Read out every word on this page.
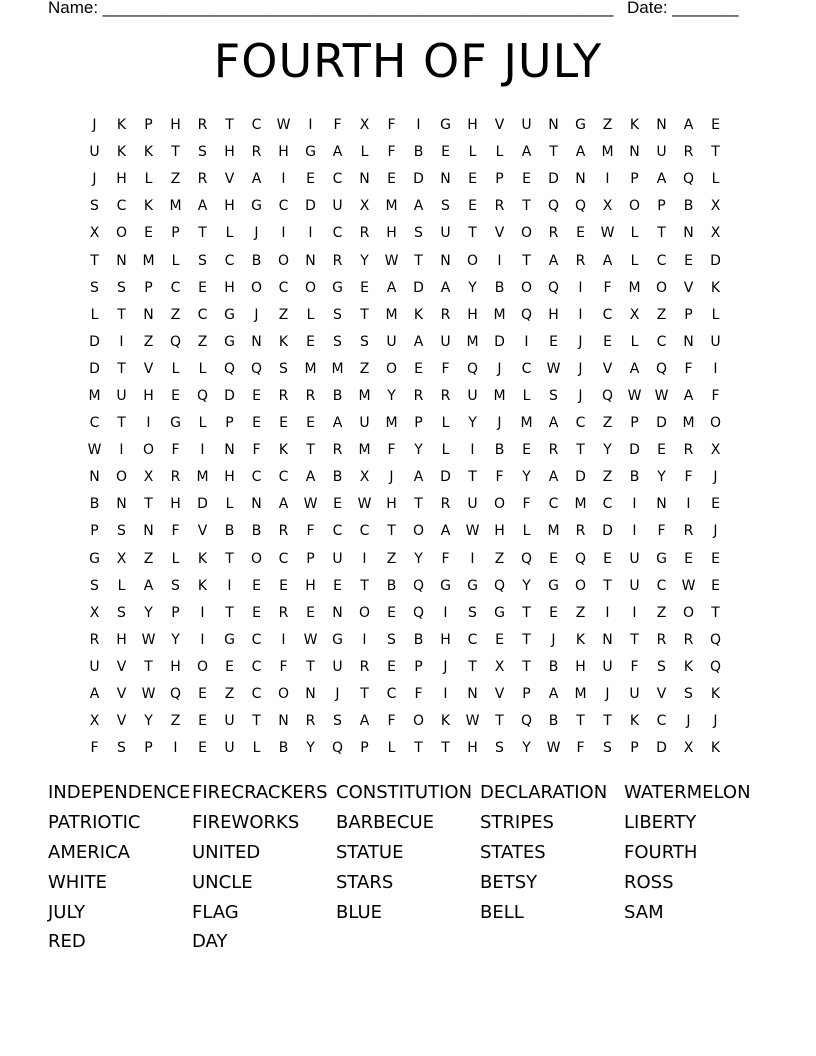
Name: ______________________________________________________ Date: _______
FOURTH OF JULY
J	K	P	H	R	T	C	W	I	F	X	F	I	G	H	V	U	N	G	Z	K	N	A	E
U	K	K	T	S	H	R	H	G	A	L	F	B	E	L	L	A	T	A	M	N	U	R	T
J	H	L	Z	R	V	A	I	E	C	N	E	D	N	E	P	E	D	N	I	P	A	Q	L
S	C	K	M	A	H	G	C	D	U	X	M	A	S	E	R	T	Q	Q	X	O	P	B	X
X	O	E	P	T	L	J	I	I	C	R	H	S	U	T	V	O	R	E	W	L	T	N	X
T	N	M	L	S	C	B	O	N	R	Y	W	T	N	O	I	T	A	R	A	L	C	E	D
S	S	P	C	E	H	O	C	O	G	E	A	D	A	Y	B	O	Q	I	F	M	O	V	K
L	T	N	Z	C	G	J	Z	L	S	T	M	K	R	H	M	Q	H	I	C	X	Z	P	L
D	I	Z	Q	Z	G	N	K	E	S	S	U	A	U	M	D	I	E	J	E	L	C	N	U
D	T	V	L	L	Q	Q	S	M	M	Z	O	E	F	Q	J	C	W	J	V	A	Q	F	I
M	U	H	E	Q	D	E	R	R	B	M	Y	R	R	U	M	L	S	J	Q	W W	A	F
C	T	I	G	L	P	E	E	E	A	U	M	P	L	Y	J	M	A	C	Z	P	D	M	O
W	I	O	F	I	N	F	K	T	R	M	F	Y	L	I	B	E	R	T	Y	D	E	R	X
N	O	X	R	M	H	C	C	A	B	X	J	A	D	T	F	Y	A	D	Z	B	Y	F	J
B	N	T	H	D	L	N	A	W	E	W	H	T	R	U	O	F	C	M	C	I	N	I	E
P	S	N	F	V	B	B	R	F	C	C	T	O	A	W	H	L	M	R	D	I	F	R	J
G	X	Z	L	K	T	O	C	P	U	I	Z	Y	F	I	Z	Q	E	Q	E	U	G	E	E
S	L	A	S	K	I	E	E	H	E	T	B	Q	G	G	Q	Y	G	O	T	U	C	W	E
X	S	Y	P	I	T	E	R	E	N	O	E	Q	I	S	G	T	E	Z	I	I	Z	O	T
R	H	W	Y	I	G	C	I	W	G	I	S	B	H	C	E	T	J	K	N	T	R	R	Q
U	V	T	H	O	E	C	F	T	U	R	E	P	J	T	X	T	B	H	U	F	S	K	Q
A	V	W	Q	E	Z	C	O	N	J	T	C	F	I	N	V	P	A	M	J	U	V	S	K
X	V	Y	Z	E	U	T	N	R	S	A	F	O	K	W	T	Q	B	T	T	K	C	J	J
F	S	P	I	E	U	L	B	Y	Q	P	L	T	T	H	S	Y	W	F	S	P	D	X	K
INDEPENDENCE FIRECRACKERS CONSTITUTION DECLARATION WATERMELON
PATRIOTIC	FIREWORKS	BARBECUE	STRIPES	LIBERTY
AMERICA	UNITED	STATUE	STATES	FOURTH
WHITE	UNCLE	STARS	BETSY	ROSS
JULY	FLAG	BLUE	BELL	SAM
RED	DAY
